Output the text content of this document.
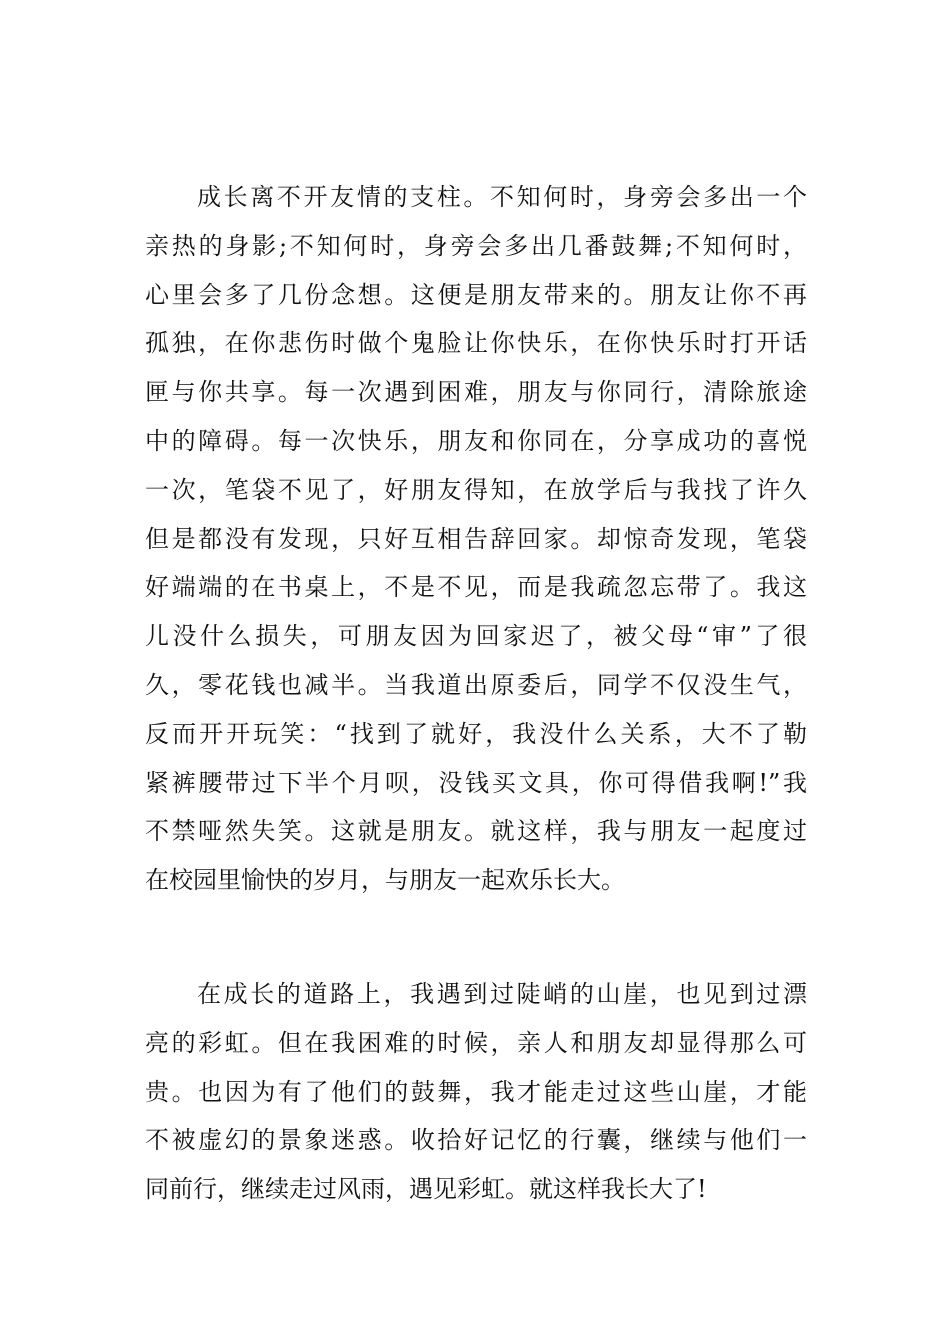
成长离不开友情的支柱。不知何时，身旁会多出一个
亲热的身影;不知何时，身旁会多出几番鼓舞;不知何时，
心里会多了几份念想。这便是朋友带来的。朋友让你不再
孤独，在你悲伤时做个鬼脸让你快乐，在你快乐时打开话
匣与你共享。每一次遇到困难，朋友与你同行，清除旅途
中的障碍。每一次快乐，朋友和你同在，分享成功的喜悦
一次，笔袋不见了，好朋友得知，在放学后与我找了许久
但是都没有发现，只好互相告辞回家。却惊奇发现，笔袋
好端端的在书桌上，不是不见，而是我疏忽忘带了。我这
儿没什么损失，可朋友因为回家迟了，被父母“审”了很
久，零花钱也减半。当我道出原委后，同学不仅没生气，
反而开开玩笑：“找到了就好，我没什么关系，大不了勒
紧裤腰带过下半个月呗，没钱买文具，你可得借我啊!”我
不禁哑然失笑。这就是朋友。就这样，我与朋友一起度过
在校园里愉快的岁月，与朋友一起欢乐长大。
在成长的道路上，我遇到过陡峭的山崖，也见到过漂
亮的彩虹。但在我困难的时候，亲人和朋友却显得那么可
贵。也因为有了他们的鼓舞，我才能走过这些山崖，才能
不被虚幻的景象迷惑。收拾好记忆的行囊，继续与他们一
同前行，继续走过风雨，遇见彩虹。就这样我长大了!
